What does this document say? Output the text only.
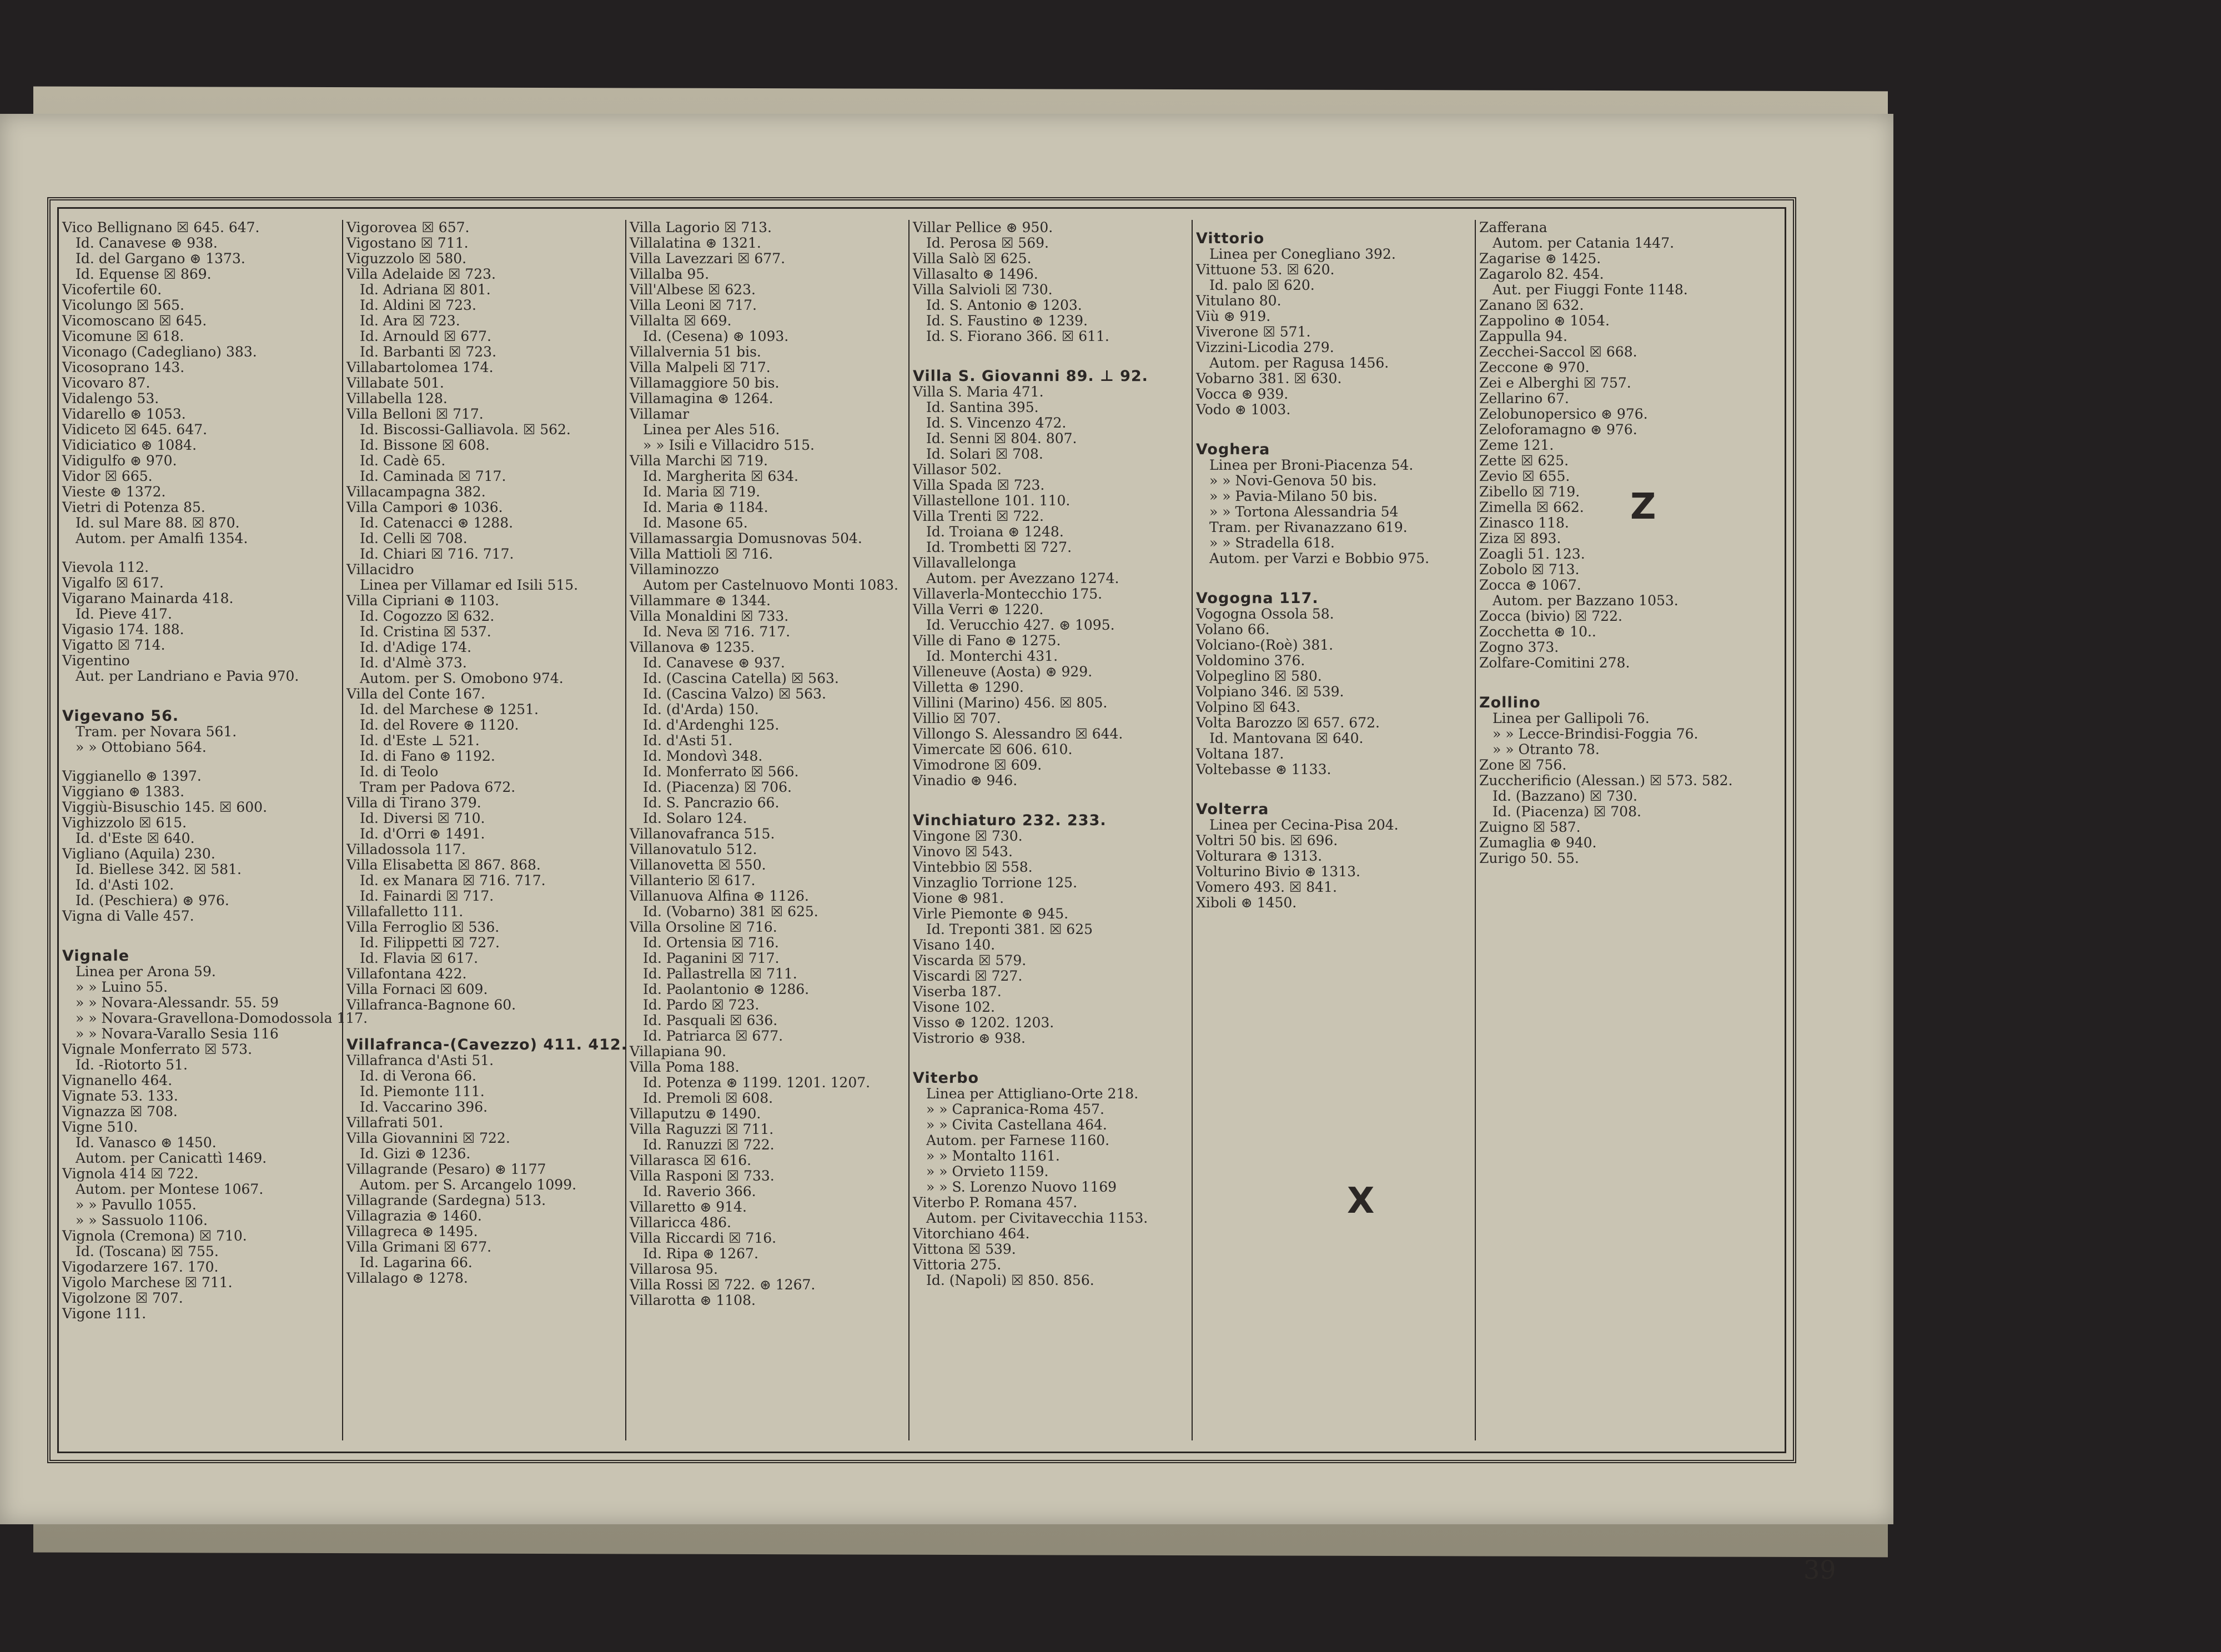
Vico Bellignano ☒ 645. 647.
Id. Canavese ⊛ 938.
Id. del Gargano ⊛ 1373.
Id. Equense ☒ 869.
Vicofertile 60.
Vicolungo ☒ 565.
Vicomoscano ☒ 645.
Vicomune ☒ 618.
Viconago (Cadegliano) 383.
Vicosoprano 143.
Vicovaro 87.
Vidalengo 53.
Vidarello ⊛ 1053.
Vidiceto ☒ 645. 647.
Vidiciatico ⊛ 1084.
Vidigulfo ⊛ 970.
Vidor ☒ 665.
Vieste ⊛ 1372.
Vietri di Potenza 85.
Id. sul Mare 88. ☒ 870.
Autom. per Amalfi 1354.
Vievola 112.
Vigalfo ☒ 617.
Vigarano Mainarda 418.
Id. Pieve 417.
Vigasio 174. 188.
Vigatto ☒ 714.
Vigentino
Aut. per Landriano e Pavia 970.
Vigevano 56.
Tram. per Novara 561.
» » Ottobiano 564.
Viggianello ⊛ 1397.
Viggiano ⊛ 1383.
Viggiù-Bisuschio 145. ☒ 600.
Vighizzolo ☒ 615.
Id. d'Este ☒ 640.
Vigliano (Aquila) 230.
Id. Biellese 342. ☒ 581.
Id. d'Asti 102.
Id. (Peschiera) ⊛ 976.
Vigna di Valle 457.
Vignale
Linea per Arona 59.
» » Luino 55.
» » Novara-Alessandr. 55. 59
» » Novara-Gravellona-Domodossola 117.
» » Novara-Varallo Sesia 116
Vignale Monferrato ☒ 573.
Id. -Riotorto 51.
Vignanello 464.
Vignate 53. 133.
Vignazza ☒ 708.
Vigne 510.
Id. Vanasco ⊛ 1450.
Autom. per Canicattì 1469.
Vignola 414 ☒ 722.
Autom. per Montese 1067.
» » Pavullo 1055.
» » Sassuolo 1106.
Vignola (Cremona) ☒ 710.
Id. (Toscana) ☒ 755.
Vigodarzere 167. 170.
Vigolo Marchese ☒ 711.
Vigolzone ☒ 707.
Vigone 111.
Vigorovea ☒ 657.
Vigostano ☒ 711.
Viguzzolo ☒ 580.
Villa Adelaide ☒ 723.
Id. Adriana ☒ 801.
Id. Aldini ☒ 723.
Id. Ara ☒ 723.
Id. Arnould ☒ 677.
Id. Barbanti ☒ 723.
Villabartolomea 174.
Villabate 501.
Villabella 128.
Villa Belloni ☒ 717.
Id. Biscossi-Galliavola. ☒ 562.
Id. Bissone ☒ 608.
Id. Cadè 65.
Id. Caminada ☒ 717.
Villacampagna 382.
Villa Campori ⊛ 1036.
Id. Catenacci ⊛ 1288.
Id. Celli ☒ 708.
Id. Chiari ☒ 716. 717.
Villacidro
Linea per Villamar ed Isili 515.
Villa Cipriani ⊛ 1103.
Id. Cogozzo ☒ 632.
Id. Cristina ☒ 537.
Id. d'Adige 174.
Id. d'Almè 373.
Autom. per S. Omobono 974.
Villa del Conte 167.
Id. del Marchese ⊛ 1251.
Id. del Rovere ⊛ 1120.
Id. d'Este ⊥ 521.
Id. di Fano ⊛ 1192.
Id. di Teolo
Tram per Padova 672.
Villa di Tirano 379.
Id. Diversi ☒ 710.
Id. d'Orri ⊛ 1491.
Villadossola 117.
Villa Elisabetta ☒ 867. 868.
Id. ex Manara ☒ 716. 717.
Id. Fainardi ☒ 717.
Villafalletto 111.
Villa Ferroglio ☒ 536.
Id. Filippetti ☒ 727.
Id. Flavia ☒ 617.
Villafontana 422.
Villa Fornaci ☒ 609.
Villafranca-Bagnone 60.
Villafranca-(Cavezzo) 411. 412.
Villafranca d'Asti 51.
Id. di Verona 66.
Id. Piemonte 111.
Id. Vaccarino 396.
Villafrati 501.
Villa Giovannini ☒ 722.
Id. Gizi ⊛ 1236.
Villagrande (Pesaro) ⊛ 1177
Autom. per S. Arcangelo 1099.
Villagrande (Sardegna) 513.
Villagrazia ⊛ 1460.
Villagreca ⊛ 1495.
Villa Grimani ☒ 677.
Id. Lagarina 66.
Villalago ⊛ 1278.
Villa Lagorio ☒ 713.
Villalatina ⊛ 1321.
Villa Lavezzari ☒ 677.
Villalba 95.
Vill'Albese ☒ 623.
Villa Leoni ☒ 717.
Villalta ☒ 669.
Id. (Cesena) ⊛ 1093.
Villalvernia 51 bis.
Villa Malpeli ☒ 717.
Villamaggiore 50 bis.
Villamagina ⊛ 1264.
Villamar
Linea per Ales 516.
» » Isili e Villacidro 515.
Villa Marchi ☒ 719.
Id. Margherita ☒ 634.
Id. Maria ☒ 719.
Id. Maria ⊛ 1184.
Id. Masone 65.
Villamassargia Domusnovas 504.
Villa Mattioli ☒ 716.
Villaminozzo
Autom per Castelnuovo Monti 1083.
Villammare ⊛ 1344.
Villa Monaldini ☒ 733.
Id. Neva ☒ 716. 717.
Villanova ⊛ 1235.
Id. Canavese ⊛ 937.
Id. (Cascina Catella) ☒ 563.
Id. (Cascina Valzo) ☒ 563.
Id. (d'Arda) 150.
Id. d'Ardenghi 125.
Id. d'Asti 51.
Id. Mondovì 348.
Id. Monferrato ☒ 566.
Id. (Piacenza) ☒ 706.
Id. S. Pancrazio 66.
Id. Solaro 124.
Villanovafranca 515.
Villanovatulo 512.
Villanovetta ☒ 550.
Villanterio ☒ 617.
Villanuova Alfina ⊛ 1126.
Id. (Vobarno) 381 ☒ 625.
Villa Orsoline ☒ 716.
Id. Ortensia ☒ 716.
Id. Paganini ☒ 717.
Id. Pallastrella ☒ 711.
Id. Paolantonio ⊛ 1286.
Id. Pardo ☒ 723.
Id. Pasquali ☒ 636.
Id. Patriarca ☒ 677.
Villapiana 90.
Villa Poma 188.
Id. Potenza ⊛ 1199. 1201. 1207.
Id. Premoli ☒ 608.
Villaputzu ⊛ 1490.
Villa Raguzzi ☒ 711.
Id. Ranuzzi ☒ 722.
Villarasca ☒ 616.
Villa Rasponi ☒ 733.
Id. Raverio 366.
Villaretto ⊛ 914.
Villaricca 486.
Villa Riccardi ☒ 716.
Id. Ripa ⊛ 1267.
Villarosa 95.
Villa Rossi ☒ 722. ⊛ 1267.
Villarotta ⊛ 1108.
Villar Pellice ⊛ 950.
Id. Perosa ☒ 569.
Villa Salò ☒ 625.
Villasalto ⊛ 1496.
Villa Salvioli ☒ 730.
Id. S. Antonio ⊛ 1203.
Id. S. Faustino ⊛ 1239.
Id. S. Fiorano 366. ☒ 611.
Villa S. Giovanni 89. ⊥ 92.
Villa S. Maria 471.
Id. Santina 395.
Id. S. Vincenzo 472.
Id. Senni ☒ 804. 807.
Id. Solari ☒ 708.
Villasor 502.
Villa Spada ☒ 723.
Villastellone 101. 110.
Villa Trenti ☒ 722.
Id. Troiana ⊛ 1248.
Id. Trombetti ☒ 727.
Villavallelonga
Autom. per Avezzano 1274.
Villaverla-Montecchio 175.
Villa Verri ⊛ 1220.
Id. Verucchio 427. ⊛ 1095.
Ville di Fano ⊛ 1275.
Id. Monterchi 431.
Villeneuve (Aosta) ⊛ 929.
Villetta ⊛ 1290.
Villini (Marino) 456. ☒ 805.
Villio ☒ 707.
Villongo S. Alessandro ☒ 644.
Vimercate ☒ 606. 610.
Vimodrone ☒ 609.
Vinadio ⊛ 946.
Vinchiaturo 232. 233.
Vingone ☒ 730.
Vinovo ☒ 543.
Vintebbio ☒ 558.
Vinzaglio Torrione 125.
Vione ⊛ 981.
Virle Piemonte ⊛ 945.
Id. Treponti 381. ☒ 625
Visano 140.
Viscarda ☒ 579.
Viscardi ☒ 727.
Viserba 187.
Visone 102.
Visso ⊛ 1202. 1203.
Vistrorio ⊛ 938.
Viterbo
Linea per Attigliano-Orte 218.
» » Capranica-Roma 457.
» » Civita Castellana 464.
Autom. per Farnese 1160.
» » Montalto 1161.
» » Orvieto 1159.
» » S. Lorenzo Nuovo 1169
Viterbo P. Romana 457.
Autom. per Civitavecchia 1153.
Vitorchiano 464.
Vittona ☒ 539.
Vittoria 275.
Id. (Napoli) ☒ 850. 856.
Vittorio
Linea per Conegliano 392.
Vittuone 53. ☒ 620.
Id. palo ☒ 620.
Vitulano 80.
Viù ⊛ 919.
Viverone ☒ 571.
Vizzini-Licodia 279.
Autom. per Ragusa 1456.
Vobarno 381. ☒ 630.
Vocca ⊛ 939.
Vodo ⊛ 1003.
Voghera
Linea per Broni-Piacenza 54.
» » Novi-Genova 50 bis.
» » Pavia-Milano 50 bis.
» » Tortona Alessandria 54
Tram. per Rivanazzano 619.
» » Stradella 618.
Autom. per Varzi e Bobbio 975.
Vogogna 117.
Vogogna Ossola 58.
Volano 66.
Volciano-(Roè) 381.
Voldomino 376.
Volpeglino ☒ 580.
Volpiano 346. ☒ 539.
Volpino ☒ 643.
Volta Barozzo ☒ 657. 672.
Id. Mantovana ☒ 640.
Voltana 187.
Voltebasse ⊛ 1133.
Volterra
Linea per Cecina-Pisa 204.
Voltri 50 bis. ☒ 696.
Volturara ⊛ 1313.
Volturino Bivio ⊛ 1313.
Vomero 493. ☒ 841.
Xiboli ⊛ 1450.
Zafferana
Autom. per Catania 1447.
Zagarise ⊛ 1425.
Zagarolo 82. 454.
Aut. per Fiuggi Fonte 1148.
Zanano ☒ 632.
Zappolino ⊛ 1054.
Zappulla 94.
Zecchei-Saccol ☒ 668.
Zeccone ⊛ 970.
Zei e Alberghi ☒ 757.
Zellarino 67.
Zelobunopersico ⊛ 976.
Zeloforamagno ⊛ 976.
Zeme 121.
Zette ☒ 625.
Zevio ☒ 655.
Zibello ☒ 719.
Zimella ☒ 662.
Zinasco 118.
Ziza ☒ 893.
Zoagli 51. 123.
Zobolo ☒ 713.
Zocca ⊛ 1067.
Autom. per Bazzano 1053.
Zocca (bivio) ☒ 722.
Zocchetta ⊛ 10..
Zogno 373.
Zolfare-Comitini 278.
Zollino
Linea per Gallipoli 76.
» » Lecce-Brindisi-Foggia 76.
» » Otranto 78.
Zone ☒ 756.
Zuccherificio (Alessan.) ☒ 573. 582.
Id. (Bazzano) ☒ 730.
Id. (Piacenza) ☒ 708.
Zuigno ☒ 587.
Zumaglia ⊛ 940.
Zurigo 50. 55.
Z
X
39
